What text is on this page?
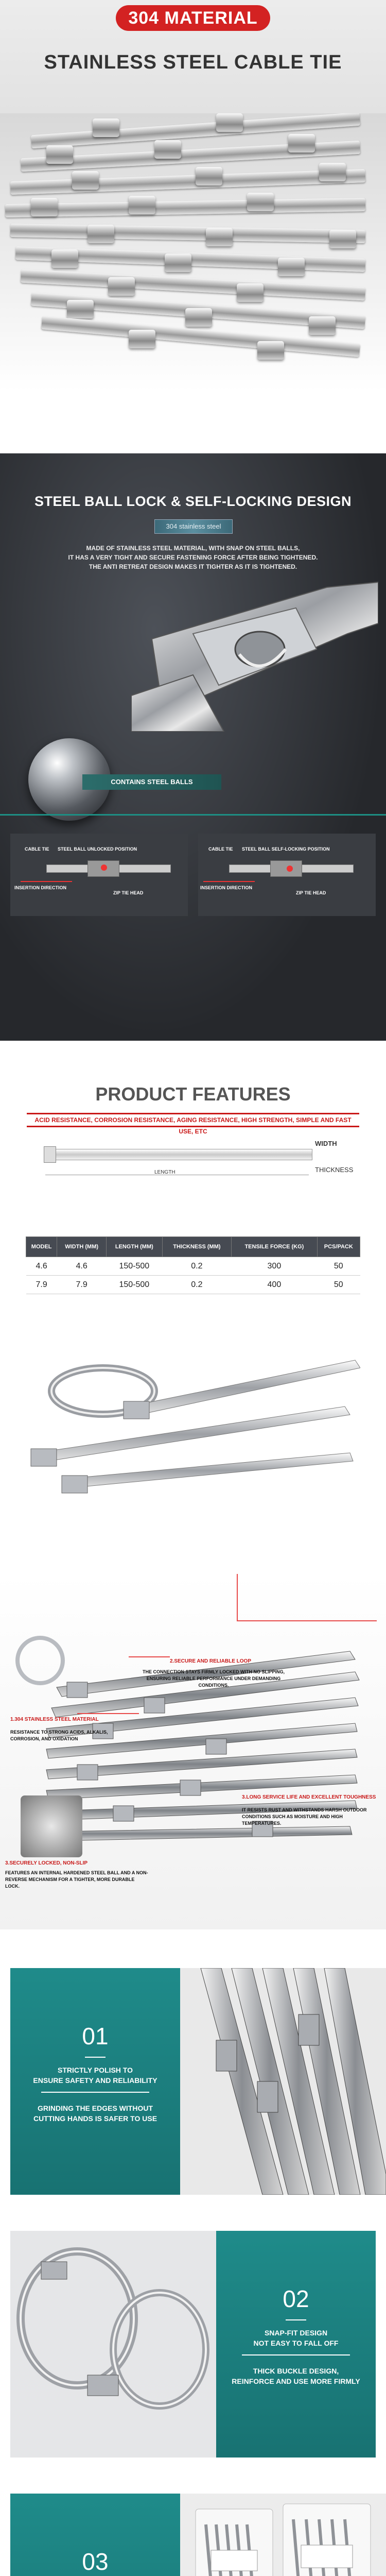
304 MATERIAL
STAINLESS STEEL CABLE TIE
STEEL BALL LOCK & SELF-LOCKING DESIGN
304 stainless steel
MADE OF STAINLESS STEEL MATERIAL, WITH SNAP ON STEEL BALLS,
IT HAS A VERY TIGHT AND SECURE FASTENING FORCE AFTER BEING TIGHTENED.
THE ANTI RETREAT DESIGN MAKES IT TIGHTER AS IT IS TIGHTENED.
CONTAINS STEEL BALLS
CABLE TIE STEEL BALL UNLOCKED POSITION
INSERTION DIRECTION
ZIP TIE HEAD
CABLE TIE STEEL BALL SELF-LOCKING POSITION
INSERTION DIRECTION
ZIP TIE HEAD
PRODUCT FEATURES
ACID RESISTANCE, CORROSION RESISTANCE, AGING RESISTANCE, HIGH STRENGTH, SIMPLE AND FAST USE, ETC
LENGTH
WIDTH
THICKNESS
MODEL	WIDTH (MM)	LENGTH (MM)	THICKNESS (MM)	TENSILE FORCE (KG)	PCS/PACK
4.6	4.6	150-500	0.2	300	50
7.9	7.9	150-500	0.2	400	50
2.SECURE AND RELIABLE LOOP
THE CONNECTION STAYS FIRMLY LOCKED WITH NO SLIPPING, ENSURING RELIABLE PERFORMANCE UNDER DEMANDING CONDITIONS.
1.304 STAINLESS STEEL MATERIAL
RESISTANCE TO STRONG ACIDS, ALKALIS, CORROSION, AND OXIDATION
3.LONG SERVICE LIFE AND EXCELLENT TOUGHNESS
IT RESISTS RUST AND WITHSTANDS HARSH OUTDOOR CONDITIONS SUCH AS MOISTURE AND HIGH TEMPERATURES.
3.SECURELY LOCKED, NON-SLIP
FEATURES AN INTERNAL HARDENED STEEL BALL AND A NON-REVERSE MECHANISM FOR A TIGHTER, MORE DURABLE LOCK.
01
STRICTLY POLISH TO
ENSURE SAFETY AND RELIABILITY
GRINDING THE EDGES WITHOUT
CUTTING HANDS IS SAFER TO USE
02
SNAP-FIT DESIGN
NOT EASY TO FALL OFF
THICK BUCKLE DESIGN,
REINFORCE AND USE MORE FIRMLY
03
